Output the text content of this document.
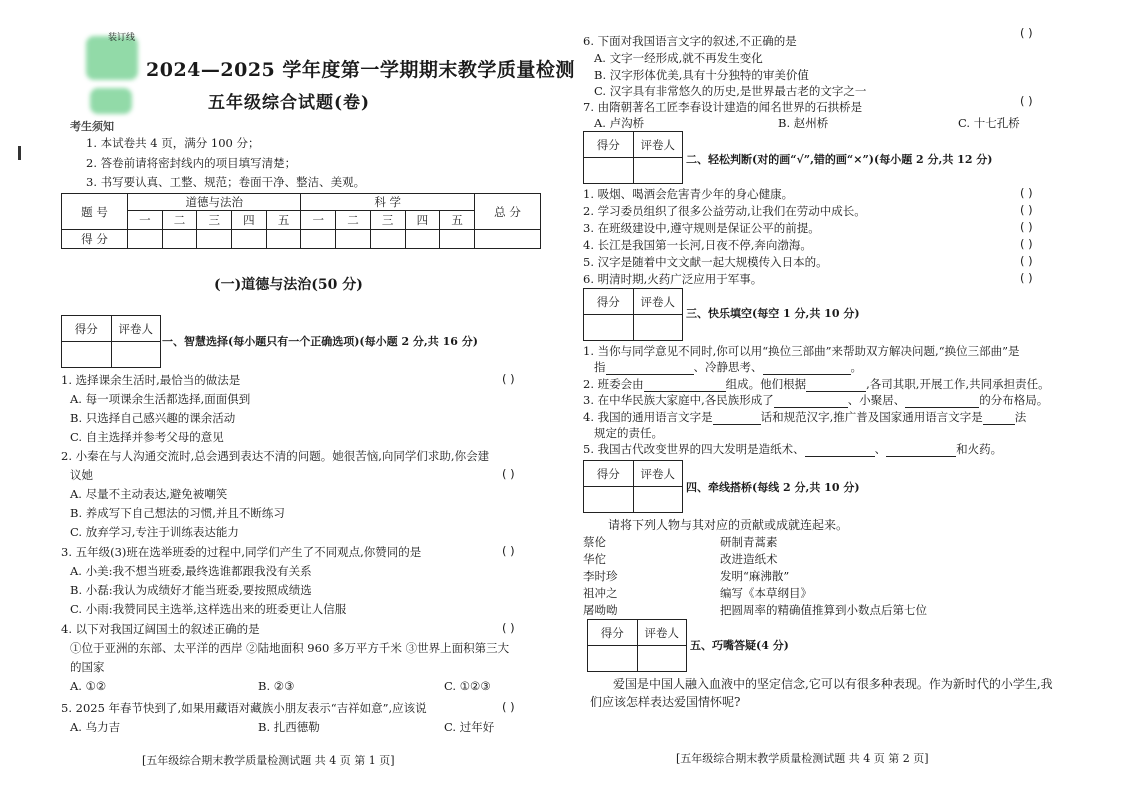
装订线
2024—2025 学年度第一学期期末教学质量检测
五年级综合试题(卷)
考生须知
1. 本试卷共 4 页，满分 100 分；
2. 答卷前请将密封线内的项目填写清楚；
3. 书写要认真、工整、规范；卷面干净、整洁、美观。
题 号	道德与法治					科 学					总 分
	一	二	三	四	五	一	二	三	四	五	
得 分											
(一)道德与法治(50 分)
得分	评卷人

一、智慧选择(每小题只有一个正确选项)(每小题 2 分,共 16 分)
1. 选择课余生活时,最恰当的做法是	( )
A. 每一项课余生活都选择,面面俱到
B. 只选择自己感兴趣的课余活动
C. 自主选择并参考父母的意见
2. 小秦在与人沟通交流时,总会遇到表达不清的问题。她很苦恼,向同学们求助,你会建
议她	( )
A. 尽量不主动表达,避免被嘲笑
B. 养成写下自己想法的习惯,并且不断练习
C. 放弃学习,专注于训练表达能力
3. 五年级(3)班在选举班委的过程中,同学们产生了不同观点,你赞同的是	( )
A. 小美:我不想当班委,最终选谁都跟我没有关系
B. 小磊:我认为成绩好才能当班委,要按照成绩选
C. 小雨:我赞同民主选举,这样选出来的班委更让人信服
4. 以下对我国辽阔国土的叙述正确的是	( )
①位于亚洲的东部、太平洋的西岸 ②陆地面积 960 多万平方千米 ③世界上面积第三大
的国家
A. ①②	B. ②③	C. ①②③
5. 2025 年春节快到了,如果用藏语对藏族小朋友表示“吉祥如意”,应该说	( )
A. 乌力吉	B. 扎西德勒	C. 过年好
[五年级综合期末教学质量检测试题 共 4 页 第 1 页]
( )
6. 下面对我国语言文字的叙述,不正确的是
A. 文字一经形成,就不再发生变化
B. 汉字形体优美,具有十分独特的审美价值
C. 汉字具有非常悠久的历史,是世界最古老的文字之一
7. 由隋朝著名工匠李春设计建造的闻名世界的石拱桥是	( )
A. 卢沟桥	B. 赵州桥	C. 十七孔桥
得分	评卷人

二、轻松判断(对的画“√”,错的画“×”)(每小题 2 分,共 12 分)
1. 吸烟、喝酒会危害青少年的身心健康。	( )
2. 学习委员组织了很多公益劳动,让我们在劳动中成长。	( )
3. 在班级建设中,遵守规则是保证公平的前提。	( )
4. 长江是我国第一长河,日夜不停,奔向渤海。	( )
5. 汉字是随着中文文献一起大规模传入日本的。	( )
6. 明清时期,火药广泛应用于军事。	( )
得分	评卷人

三、快乐填空(每空 1 分,共 10 分)
1. 当你与同学意见不同时,你可以用“换位三部曲”来帮助双方解决问题,“换位三部曲”是
指	、冷静思考、	。
2. 班委会由	组成。他们根据	,各司其职,开展工作,共同承担责任。
3. 在中华民族大家庭中,各民族形成了	、小聚居、	的分布格局。
4. 我国的通用语言文字是	话和规范汉字,推广普及国家通用语言文字是	法
规定的责任。
5. 我国古代改变世界的四大发明是造纸术、	、	和火药。
得分	评卷人

四、牵线搭桥(每线 2 分,共 10 分)
请将下列人物与其对应的贡献或成就连起来。
蔡伦	研制青蒿素
华佗	改进造纸术
李时珍	发明“麻沸散”
祖冲之	编写《本草纲目》
屠呦呦	把圆周率的精确值推算到小数点后第七位
得分	评卷人

五、巧嘴答疑(4 分)
爱国是中国人融入血液中的坚定信念,它可以有很多种表现。作为新时代的小学生,我
们应该怎样表达爱国情怀呢?
[五年级综合期末教学质量检测试题 共 4 页 第 2 页]
